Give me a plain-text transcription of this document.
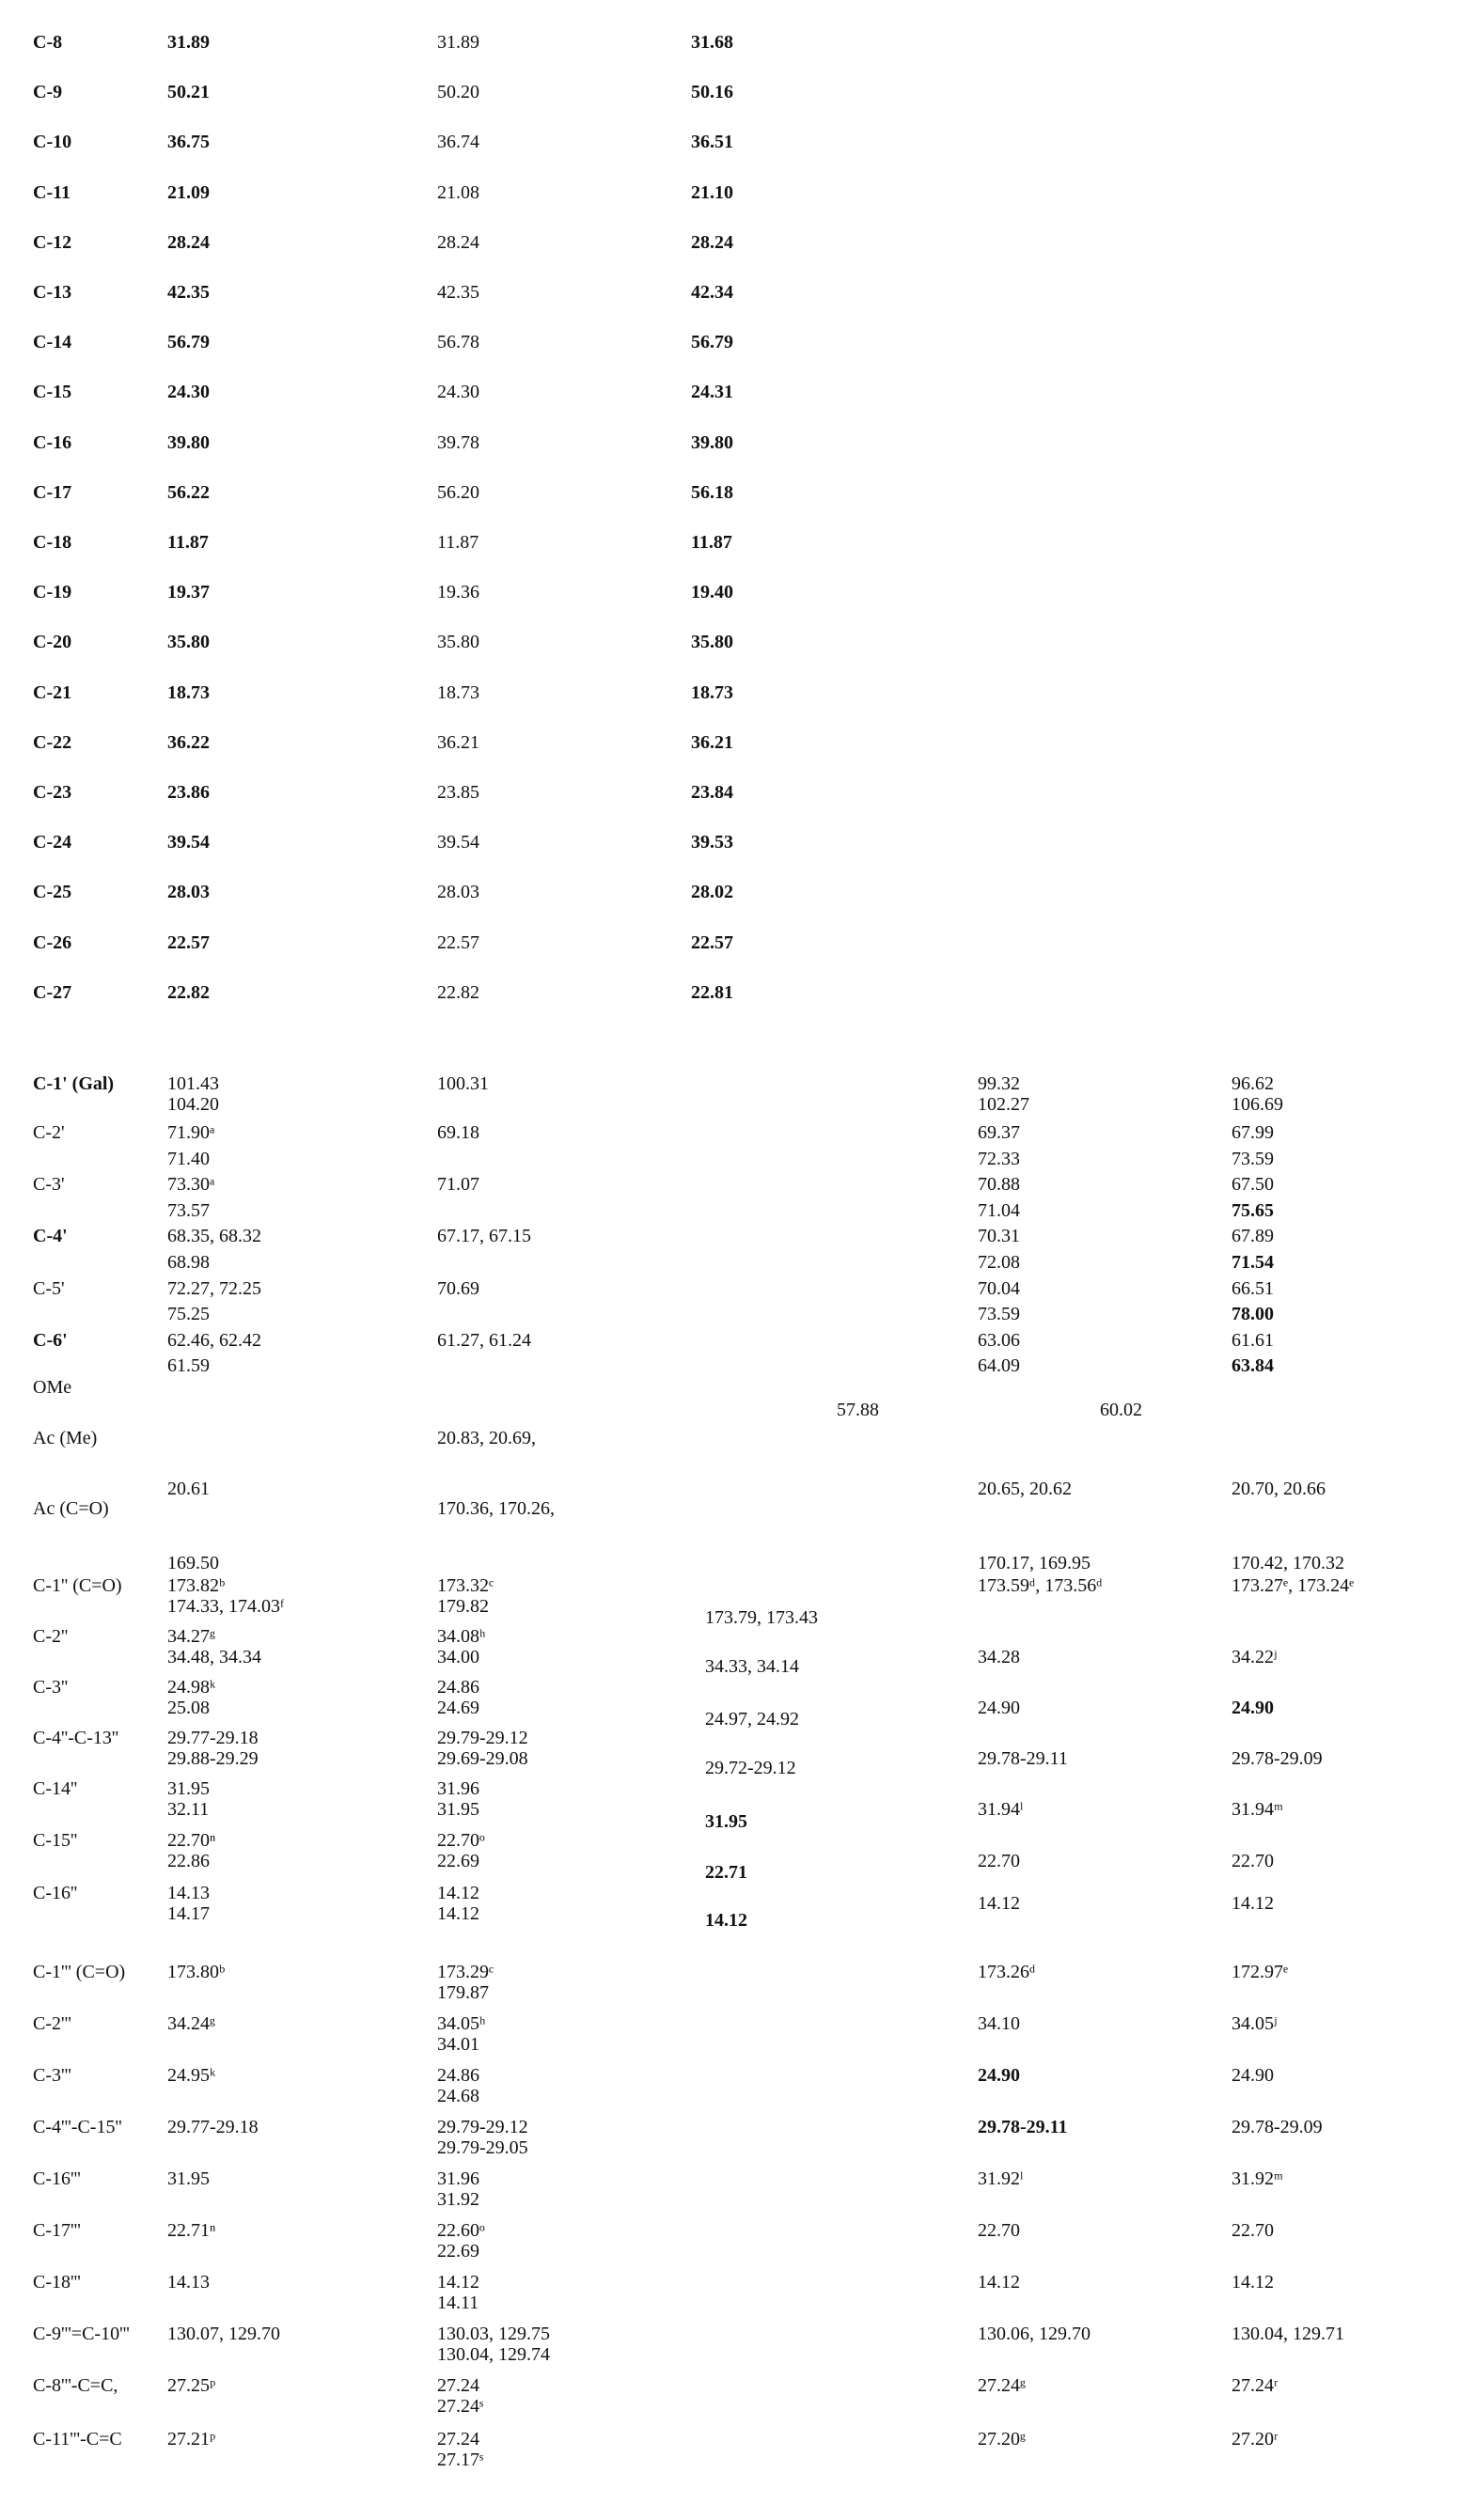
C-8	31.89	31.89	31.68
C-9	50.21	50.20	50.16
C-10	36.75	36.74	36.51
C-11	21.09	21.08	21.10
C-12	28.24	28.24	28.24
C-13	42.35	42.35	42.34
C-14	56.79	56.78	56.79
C-15	24.30	24.30	24.31
C-16	39.80	39.78	39.80
C-17	56.22	56.20	56.18
C-18	11.87	11.87	11.87
C-19	19.37	19.36	19.40
C-20	35.80	35.80	35.80
C-21	18.73	18.73	18.73
C-22	36.22	36.21	36.21
C-23	23.86	23.85	23.84
C-24	39.54	39.54	39.53
C-25	28.03	28.03	28.02
C-26	22.57	22.57	22.57
C-27	22.82	22.82	22.81
C-1' (Gal)
C-2'
C-3'
C-4'
C-5'
C-6'
OMe
Ac (Me)
Ac (C=O)
101.43
104.20
71.90ᵃ
71.40
73.30ᵃ
73.57
68.35, 68.32
68.98
72.27, 72.25
75.25
62.46, 62.42
61.59
20.61
169.50
100.31
69.18
71.07
67.17, 67.15
70.69
61.27, 61.24
20.83, 20.69,
170.36, 170.26,
99.32
102.27
69.37
72.33
70.88
71.04
70.31
72.08
70.04
73.59
63.06
64.09
20.65, 20.62
170.17, 169.95
96.62
106.69
67.99
73.59
67.50
75.65
67.89
71.54
66.51
78.00
61.61
63.84
20.70, 20.66
170.42, 170.32
57.88	60.02
C-1'' (C=O)
C-2''
C-3''
C-4''-C-13''
C-14''
C-15''
C-16''
173.82ᵇ
174.33, 174.03ᶠ
34.27ᵍ
34.48, 34.34
24.98ᵏ
25.08
29.77-29.18
29.88-29.29
31.95
32.11
22.70ⁿ
22.86
14.13
14.17
173.32ᶜ
179.82
34.08ʰ
34.00
24.86
24.69
29.79-29.12
29.69-29.08
31.96
31.95
22.70ᵒ
22.69
14.12
14.12
173.79, 173.43
34.33, 34.14
24.97, 24.92
29.72-29.12
31.95
22.71
14.12
173.59ᵈ, 173.56ᵈ
34.28
24.90
29.78-29.11
31.94ˡ
22.70
14.12
173.27ᵉ, 173.24ᵉ
34.22ʲ
24.90
29.78-29.09
31.94ᵐ
22.70
14.12
C-1''' (C=O)
C-2'''
C-3'''
C-4'''-C-15''
C-16'''
C-17'''
C-18'''
C-9'''=C-10'''
C-8'''-C=C,
C-11'''-C=C
173.80ᵇ
34.24ᵍ
24.95ᵏ
29.77-29.18
31.95
22.71ⁿ
14.13
130.07, 129.70
27.25ᵖ
27.21ᵖ
173.26ᵈ
34.10
24.90
29.78-29.11
31.92ˡ
22.70
14.12
130.06, 129.70
27.24ᵍ
27.20ᵍ
172.97ᵉ
34.05ʲ
24.90
29.78-29.09
31.92ᵐ
22.70
14.12
130.04, 129.71
27.24ʳ
27.20ʳ
173.29ᶜ
179.87
34.05ʰ
34.01
24.86
24.68
29.79-29.12
29.79-29.05
31.96
31.92
22.60ᵒ
22.69
14.12
14.11
130.03, 129.75
130.04, 129.74
27.24
27.24ˢ
27.24
27.17ˢ
